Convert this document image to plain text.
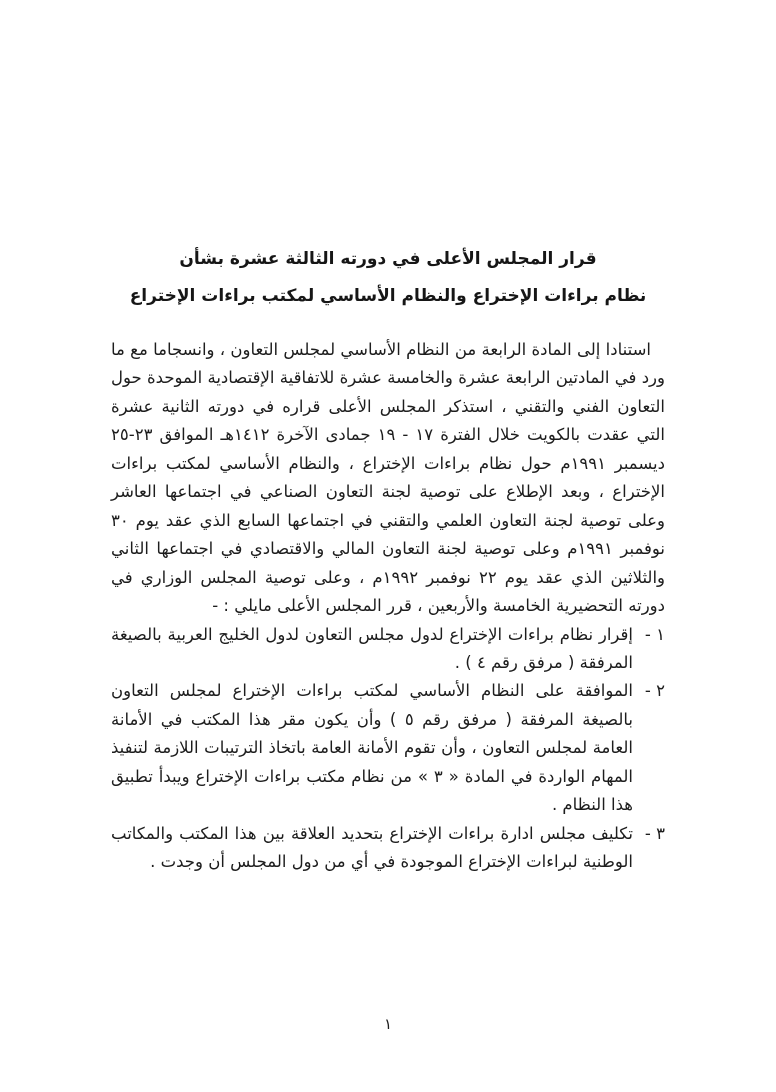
قرار المجلس الأعلى في دورته الثالثة عشرة بشأن
نظام براءات الإختراع والنظام الأساسي لمكتب براءات الإختراع

استنادا إلى المادة الرابعة من النظام الأساسي لمجلس التعاون ، وانسجاما مع ما ورد في المادتين الرابعة عشرة والخامسة عشرة للاتفاقية الإقتصادية الموحدة حول التعاون الفني والتقني ، استذكر المجلس الأعلى قراره في دورته الثانية عشرة التي عقدت بالكويت خلال الفترة ١٧ - ١٩ جمادى الآخرة ١٤١٢هـ الموافق ٢٣-٢٥ ديسمبر ١٩٩١م حول نظام براءات الإختراع ، والنظام الأساسي لمكتب براءات الإختراع ، وبعد الإطلاع على توصية لجنة التعاون الصناعي في اجتماعها العاشر وعلى توصية لجنة التعاون العلمي والتقني في اجتماعها السابع الذي عقد يوم ٣٠ نوفمبر ١٩٩١م وعلى توصية لجنة التعاون المالي والاقتصادي في اجتماعها الثاني والثلاثين الذي عقد يوم ٢٢ نوفمبر ١٩٩٢م ، وعلى توصية المجلس الوزاري في دورته التحضيرية الخامسة والأربعين ، قرر المجلس الأعلى مايلي : -

١ -
إقرار نظام براءات الإختراع لدول مجلس التعاون لدول الخليج العربية بالصيغة المرفقة ( مرفق رقم ٤ ) .
٢ -
الموافقة على النظام الأساسي لمكتب براءات الإختراع لمجلس التعاون بالصيغة المرفقة ( مرفق رقم ٥ ) وأن يكون مقر هذا المكتب في الأمانة العامة لمجلس التعاون ، وأن تقوم الأمانة العامة باتخاذ الترتيبات اللازمة لتنفيذ المهام الواردة في المادة « ٣ » من نظام مكتب براءات الإختراع ويبدأ تطبيق هذا النظام .
٣ -
تكليف مجلس ادارة براءات الإختراع بتحديد العلاقة بين هذا المكتب والمكاتب الوطنية لبراءات الإختراع الموجودة في أي من دول المجلس أن وجدت .
١
